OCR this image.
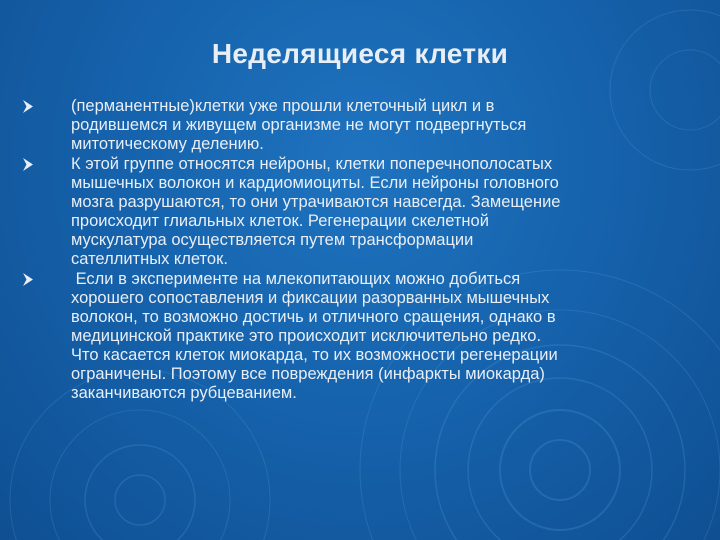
Неделящиеся клетки
(перманентные)клетки уже прошли клеточный цикл и в
родившемся и живущем организме не могут подвергнуться
митотическому делению.
К этой группе относятся нейроны, клетки поперечнополосатых
мышечных волокон и кардиомиоциты. Если нейроны головного
мозга разрушаются, то они утрачиваются навсегда. Замещение
происходит глиальных клеток. Регенерации скелетной
мускулатура осуществляется путем трансформации
сателлитных клеток.
Если в эксперименте на млекопитающих можно добиться
хорошего сопоставления и фиксации разорванных мышечных
волокон, то возможно достичь и отличного сращения, однако в
медицинской практике это происходит исключительно редко.
Что касается клеток миокарда, то их возможности регенерации
ограничены. Поэтому все повреждения (инфаркты миокарда)
заканчиваются рубцеванием.
